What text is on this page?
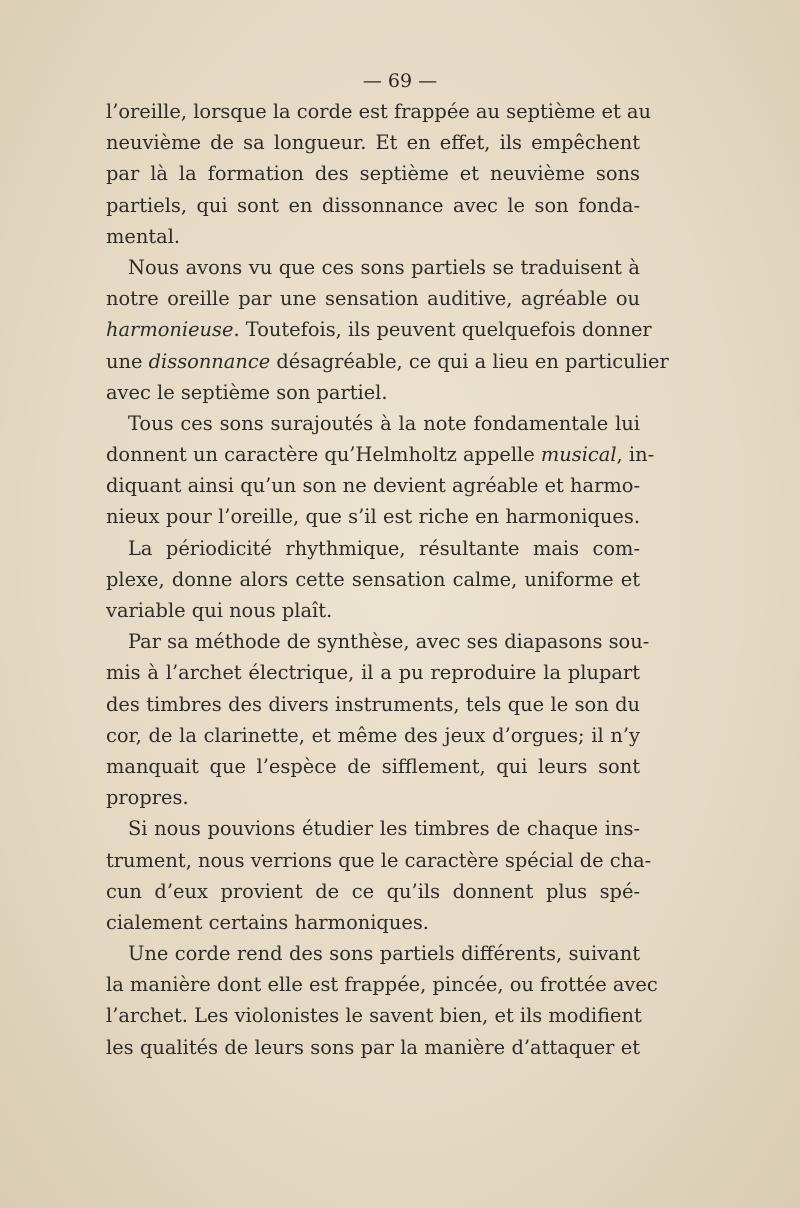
— 69 —
l’oreille, lorsque la corde est frappée au septième et au
neuvième de sa longueur. Et en effet, ils empêchent
par là la formation des septième et neuvième sons
partiels, qui sont en dissonnance avec le son fonda-
mental.
Nous avons vu que ces sons partiels se traduisent à
notre oreille par une sensation auditive, agréable ou
harmonieuse. Toutefois, ils peuvent quelquefois donner
une dissonnance désagréable, ce qui a lieu en particulier
avec le septième son partiel.
Tous ces sons surajoutés à la note fondamentale lui
donnent un caractère qu’Helmholtz appelle musical, in-
diquant ainsi qu’un son ne devient agréable et harmo-
nieux pour l’oreille, que s’il est riche en harmoniques.
La périodicité rhythmique, résultante mais com-
plexe, donne alors cette sensation calme, uniforme et
variable qui nous plaît.
Par sa méthode de synthèse, avec ses diapasons sou-
mis à l’archet électrique, il a pu reproduire la plupart
des timbres des divers instruments, tels que le son du
cor, de la clarinette, et même des jeux d’orgues; il n’y
manquait que l’espèce de sifflement, qui leurs sont
propres.
Si nous pouvions étudier les timbres de chaque ins-
trument, nous verrions que le caractère spécial de cha-
cun d’eux provient de ce qu’ils donnent plus spé-
cialement certains harmoniques.
Une corde rend des sons partiels différents, suivant
la manière dont elle est frappée, pincée, ou frottée avec
l’archet. Les violonistes le savent bien, et ils modifient
les qualités de leurs sons par la manière d’attaquer et
